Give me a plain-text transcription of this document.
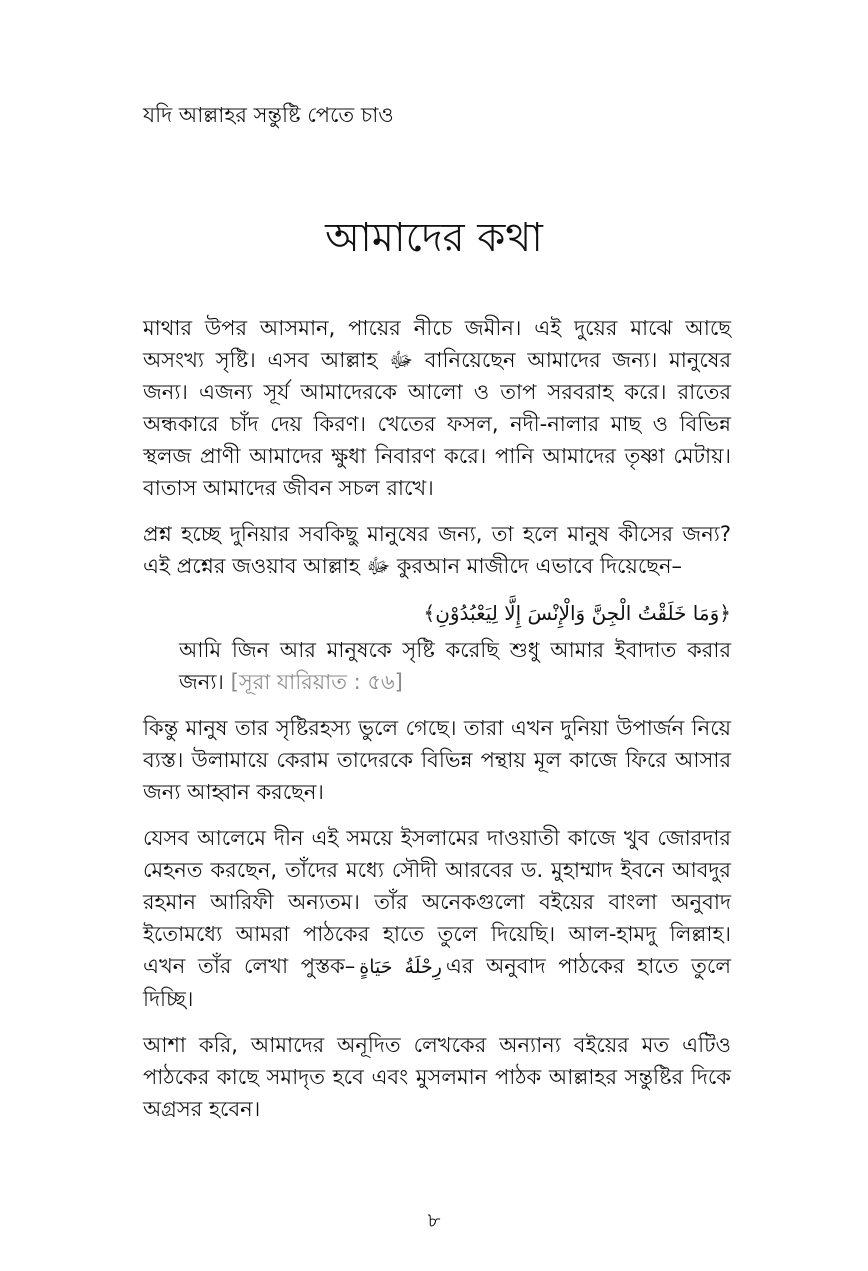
যদি আল্লাহর সন্তুষ্টি পেতে চাও
আমাদের কথা

মাথার উপর আসমান, পায়ের নীচে জমীন। এই দুয়ের মাঝে আছে অসংখ্য সৃষ্টি। এসব আল্লাহ ﷻ বানিয়েছেন আমাদের জন্য। মানুষের জন্য। এজন্য সূর্য আমাদেরকে আলো ও তাপ সরবরাহ করে। রাতের অন্ধকারে চাঁদ দেয় কিরণ। খেতের ফসল, নদী-নালার মাছ ও বিভিন্ন স্থলজ প্রাণী আমাদের ক্ষুধা নিবারণ করে। পানি আমাদের তৃষ্ণা মেটায়। বাতাস আমাদের জীবন সচল রাখে।

প্রশ্ন হচ্ছে দুনিয়ার সবকিছু মানুষের জন্য, তা হলে মানুষ কীসের জন্য? এই প্রশ্নের জওয়াব আল্লাহ ﷻ কুরআন মাজীদে এভাবে দিয়েছেন–

﴿وَمَا خَلَقْتُ الْجِنَّ وَالْإِنْسَ إِلَّا لِيَعْبُدُوْنِ﴾

আমি জিন আর মানুষকে সৃষ্টি করেছি শুধু আমার ইবাদাত করার জন্য। [সূরা যারিয়াত : ৫৬]

কিন্তু মানুষ তার সৃষ্টিরহস্য ভুলে গেছে। তারা এখন দুনিয়া উপার্জন নিয়ে ব্যস্ত। উলামায়ে কেরাম তাদেরকে বিভিন্ন পন্থায় মূল কাজে ফিরে আসার জন্য আহ্বান করছেন।

যেসব আলেমে দীন এই সময়ে ইসলামের দাওয়াতী কাজে খুব জোরদার মেহনত করছেন, তাঁদের মধ্যে সৌদী আরবের ড. মুহাম্মাদ ইবনে আবদুর রহমান আরিফী অন্যতম। তাঁর অনেকগুলো বইয়ের বাংলা অনুবাদ ইতোমধ্যে আমরা পাঠকের হাতে তুলে দিয়েছি। আল-হামদু লিল্লাহ। এখন তাঁর লেখা পুস্তক– رِحْلَةُ حَيَاةٍ এর অনুবাদ পাঠকের হাতে তুলে দিচ্ছি।

আশা করি, আমাদের অনূদিত লেখকের অন্যান্য বইয়ের মত এটিও পাঠকের কাছে সমাদৃত হবে এবং মুসলমান পাঠক আল্লাহর সন্তুষ্টির দিকে অগ্রসর হবেন।

৮
